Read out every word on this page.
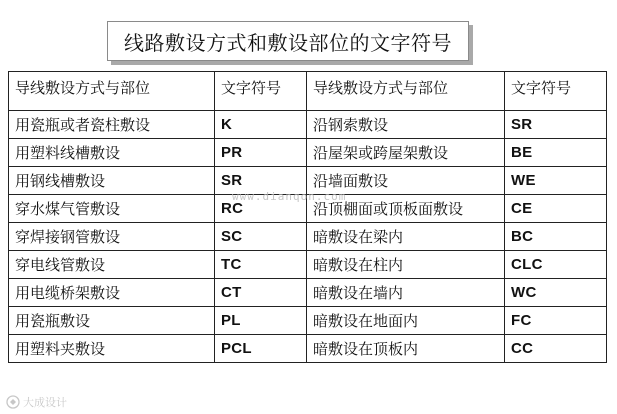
线路敷设方式和敷设部位的文字符号
导线敷设方式与部位	文字符号	导线敷设方式与部位	文字符号
用瓷瓶或者瓷柱敷设	K	沿钢索敷设	SR
用塑料线槽敷设	PR	沿屋架或跨屋架敷设	BE
用钢线槽敷设	SR	沿墙面敷设	WE
穿水煤气管敷设	RC	沿顶棚面或顶板面敷设	CE
穿焊接钢管敷设	SC	暗敷设在梁内	BC
穿电线管敷设	TC	暗敷设在柱内	CLC
用电缆桥架敷设	CT	暗敷设在墙内	WC
用瓷瓶敷设	PL	暗敷设在地面内	FC
用塑料夹敷设	PCL	暗敷设在顶板内	CC
www.dianqon.com
大成设计
